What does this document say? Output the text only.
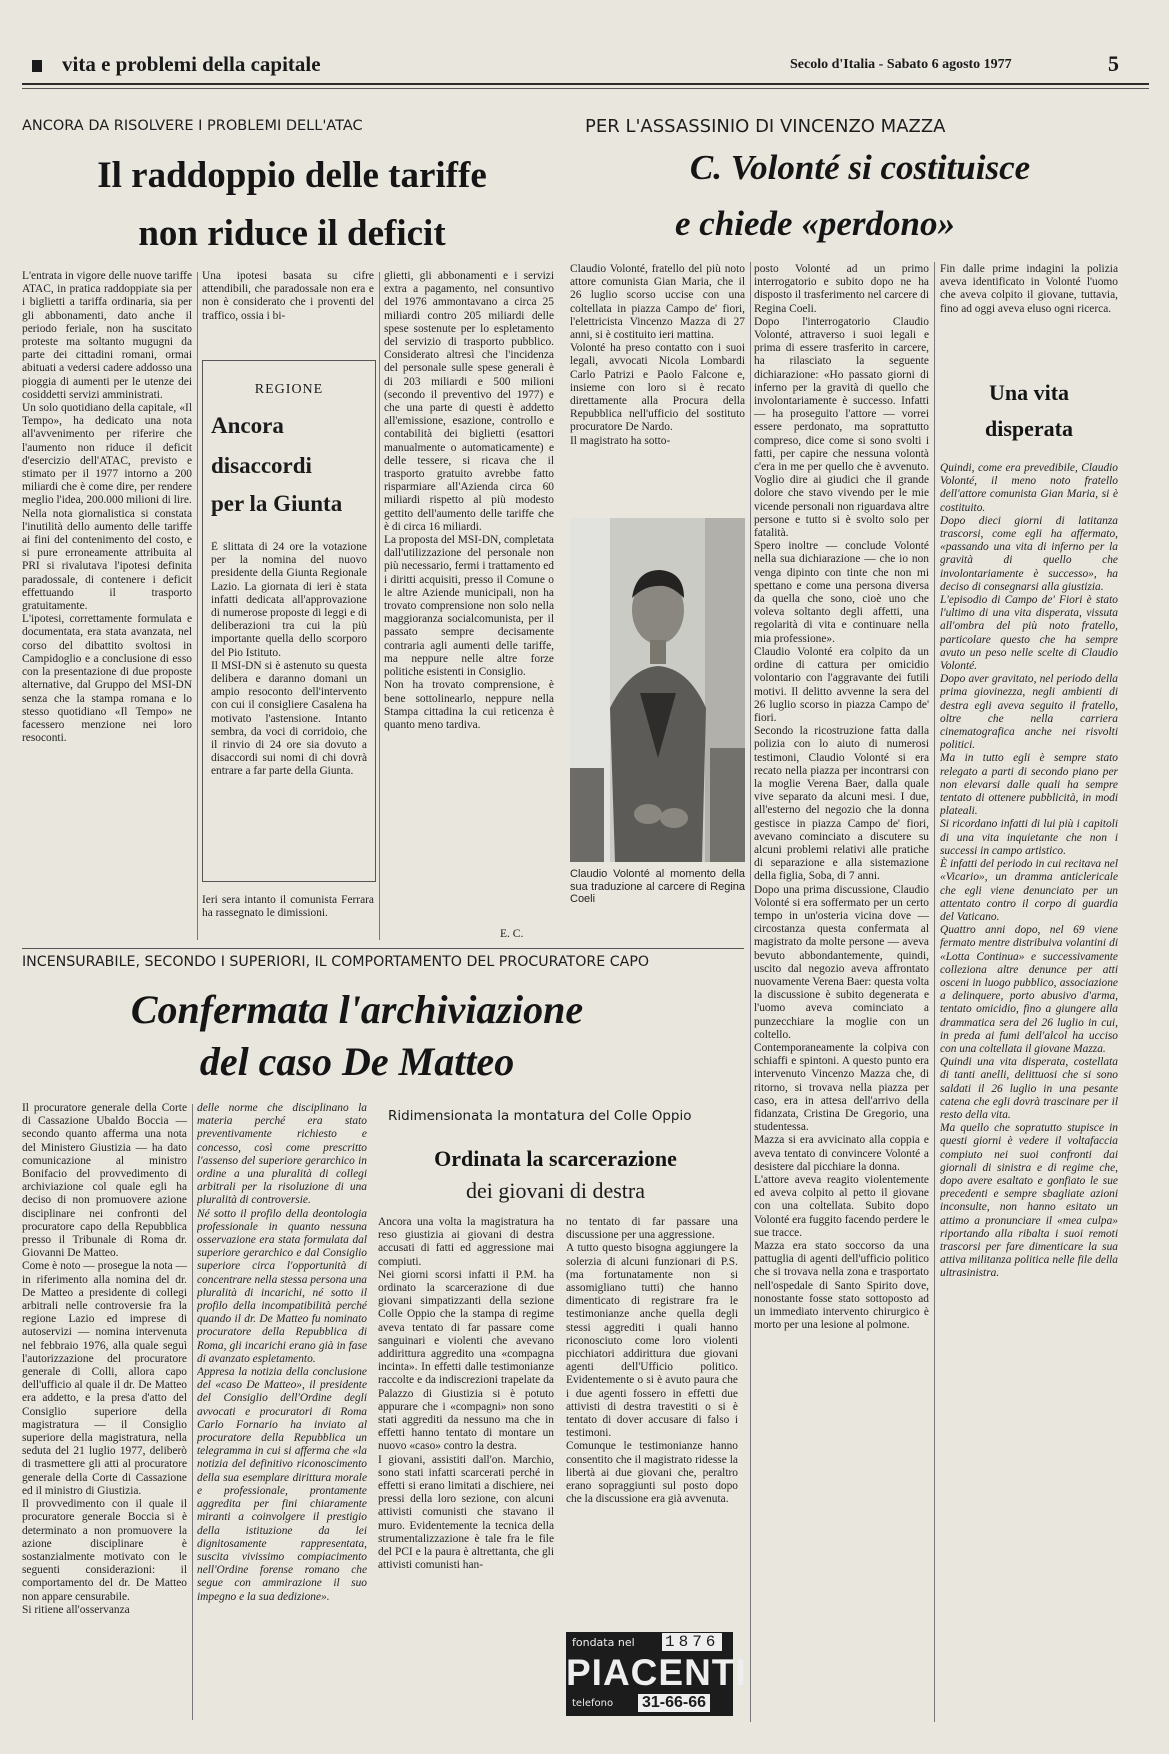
vita e problemi della capitale	Secolo d'Italia - Sabato 6 agosto 1977	5
ANCORA DA RISOLVERE I PROBLEMI DELL'ATAC
Il raddoppio delle tariffe
non riduce il deficit
L'entrata in vigore delle nuove tariffe ATAC, in pratica raddoppiate sia per i biglietti a tariffa ordinaria, sia per gli abbonamenti, dato anche il periodo feriale, non ha suscitato proteste ma soltanto mugugni da parte dei cittadini romani, ormai abituati a vedersi cadere addosso una pioggia di aumenti per le utenze dei cosiddetti servizi amministrati.
Un solo quotidiano della capitale, «Il Tempo», ha dedicato una nota all'avvenimento per riferire che l'aumento non riduce il deficit d'esercizio dell'ATAC, previsto e stimato per il 1977 intorno a 200 miliardi che è come dire, per rendere meglio l'idea, 200.000 milioni di lire.
Nella nota giornalistica si constata l'inutilità dello aumento delle tariffe ai fini del contenimento del costo, e si pure erroneamente attribuita al PRI si rivalutava l'ipotesi definita paradossale, di contenere i deficit effettuando il trasporto gratuitamente.
L'ipotesi, correttamente formulata e documentata, era stata avanzata, nel corso del dibattito svoltosi in Campidoglio e a conclusione di esso con la presentazione di due proposte alternative, dal Gruppo del MSI-DN senza che la stampa romana e lo stesso quotidiano «Il Tempo» ne facessero menzione nei loro resoconti.
Una ipotesi basata su cifre attendibili, che paradossale non era e non è considerato che i proventi del traffico, ossia i bi-
REGIONE
Ancora
disaccordi
per la Giunta
È slittata di 24 ore la votazione per la nomina del nuovo presidente della Giunta Regionale Lazio. La giornata di ieri è stata infatti dedicata all'approvazione di numerose proposte di leggi e di deliberazioni tra cui la più importante quella dello scorporo del Pio Istituto.
Il MSI-DN si è astenuto su questa delibera e daranno domani un ampio resoconto dell'intervento con cui il consigliere Casalena ha motivato l'astensione. Intanto sembra, da voci di corridoio, che il rinvio di 24 ore sia dovuto a disaccordi sui nomi di chi dovrà entrare a far parte della Giunta.
Ieri sera intanto il comunista Ferrara ha rassegnato le dimissioni.
glietti, gli abbonamenti e i servizi extra a pagamento, nel consuntivo del 1976 ammontavano a circa 25 miliardi contro 205 miliardi delle spese sostenute per lo espletamento del servizio di trasporto pubblico. Considerato altresì che l'incidenza del personale sulle spese generali è di 203 miliardi e 500 milioni (secondo il preventivo del 1977) e che una parte di questi è addetto all'emissione, esazione, controllo e contabilità dei biglietti (esattori manualmente o automaticamente) e delle tessere, si ricava che il trasporto gratuito avrebbe fatto risparmiare all'Azienda circa 60 miliardi rispetto al più modesto gettito dell'aumento delle tariffe che è di circa 16 miliardi.
La proposta del MSI-DN, completata dall'utilizzazione del personale non più necessario, fermi i trattamento ed i diritti acquisiti, presso il Comune o le altre Aziende municipali, non ha trovato comprensione non solo nella maggioranza socialcomunista, per il passato sempre decisamente contraria agli aumenti delle tariffe, ma neppure nelle altre forze politiche esistenti in Consiglio.
Non ha trovato comprensione, è bene sottolinearlo, neppure nella Stampa cittadina la cui reticenza è quanto meno tardiva.
E. C.
PER L'ASSASSINIO DI VINCENZO MAZZA
C. Volonté si costituisce
e chiede «perdono»
Claudio Volonté, fratello del più noto attore comunista Gian Maria, che il 26 luglio scorso uccise con una coltellata in piazza Campo de' fiori, l'elettricista Vincenzo Mazza di 27 anni, si è costituito ieri mattina.
Volonté ha preso contatto con i suoi legali, avvocati Nicola Lombardi Carlo Patrizi e Paolo Falcone e, insieme con loro si è recato direttamente alla Procura della Repubblica nell'ufficio del sostituto procuratore De Nardo.
Il magistrato ha sotto-
Claudio Volonté al momento della sua traduzione al carcere di Regina Coeli
posto Volonté ad un primo interrogatorio e subito dopo ne ha disposto il trasferimento nel carcere di Regina Coeli.
Dopo l'interrogatorio Claudio Volonté, attraverso i suoi legali e prima di essere trasferito in carcere, ha rilasciato la seguente dichiarazione: «Ho passato giorni di inferno per la gravità di quello che involontariamente è successo. Infatti — ha proseguito l'attore — vorrei essere perdonato, ma soprattutto compreso, dice come si sono svolti i fatti, per capire che nessuna volontà c'era in me per quello che è avvenuto. Voglio dire ai giudici che il grande dolore che stavo vivendo per le mie vicende personali non riguardava altre persone e tutto si è svolto solo per fatalità.
Spero inoltre — conclude Volonté nella sua dichiarazione — che io non venga dipinto con tinte che non mi spettano e come una persona diversa da quella che sono, cioè uno che voleva soltanto degli affetti, una regolarità di vita e continuare nella mia professione».
Claudio Volonté era colpito da un ordine di cattura per omicidio volontario con l'aggravante dei futili motivi. Il delitto avvenne la sera del 26 luglio scorso in piazza Campo de' fiori.
Secondo la ricostruzione fatta dalla polizia con lo aiuto di numerosi testimoni, Claudio Volonté si era recato nella piazza per incontrarsi con la moglie Verena Baer, dalla quale vive separato da alcuni mesi. I due, all'esterno del negozio che la donna gestisce in piazza Campo de' fiori, avevano cominciato a discutere su alcuni problemi relativi alle pratiche di separazione e alla sistemazione della figlia, Soba, di 7 anni.
Dopo una prima discussione, Claudio Volonté si era soffermato per un certo tempo in un'osteria vicina dove — circostanza questa confermata al magistrato da molte persone — aveva bevuto abbondantemente, quindi, uscito dal negozio aveva affrontato nuovamente Verena Baer: questa volta la discussione è subito degenerata e l'uomo aveva cominciato a punzecchiare la moglie con un coltello.
Contemporaneamente la colpiva con schiaffi e spintoni. A questo punto era intervenuto Vincenzo Mazza che, di ritorno, si trovava nella piazza per caso, era in attesa dell'arrivo della fidanzata, Cristina De Gregorio, una studentessa.
Mazza si era avvicinato alla coppia e aveva tentato di convincere Volonté a desistere dal picchiare la donna.
L'attore aveva reagito violentemente ed aveva colpito al petto il giovane con una coltellata. Subito dopo Volonté era fuggito facendo perdere le sue tracce.
Mazza era stato soccorso da una pattuglia di agenti dell'ufficio politico che si trovava nella zona e trasportato nell'ospedale di Santo Spirito dove, nonostante fosse stato sottoposto ad un immediato intervento chirurgico è morto per una lesione al polmone.
Fin dalle prime indagini la polizia aveva identificato in Volonté l'uomo che aveva colpito il giovane, tuttavia, fino ad oggi aveva eluso ogni ricerca.
Una vita
disperata
Quindi, come era prevedibile, Claudio Volonté, il meno noto fratello dell'attore comunista Gian Maria, si è costituito.
Dopo dieci giorni di latitanza trascorsi, come egli ha affermato, «passando una vita di inferno per la gravità di quello che involontariamente è successo», ha deciso di consegnarsi alla giustizia.
L'episodio di Campo de' Fiori è stato l'ultimo di una vita disperata, vissuta all'ombra del più noto fratello, particolare questo che ha sempre avuto un peso nelle scelte di Claudio Volonté.
Dopo aver gravitato, nel periodo della prima giovinezza, negli ambienti di destra egli aveva seguito il fratello, oltre che nella carriera cinematografica anche nei risvolti politici.
Ma in tutto egli è sempre stato relegato a parti di secondo piano per non elevarsi dalle quali ha sempre tentato di ottenere pubblicità, in modi plateali.
Si ricordano infatti di lui più i capitoli di una vita inquietante che non i successi in campo artistico.
È infatti del periodo in cui recitava nel «Vicario», un dramma anticlericale che egli viene denunciato per un attentato contro il corpo di guardia del Vaticano.
Quattro anni dopo, nel 69 viene fermato mentre distribuiva volantini di «Lotta Continua» e successivamente colleziona altre denunce per atti osceni in luogo pubblico, associazione a delinquere, porto abusivo d'arma, tentato omicidio, fino a giungere alla drammatica sera del 26 luglio in cui, in preda ai fumi dell'alcol ha ucciso con una coltellata il giovane Mazza.
Quindi una vita disperata, costellata di tanti anelli, delittuosi che si sono saldati il 26 luglio in una pesante catena che egli dovrà trascinare per il resto della vita.
Ma quello che sopratutto stupisce in questi giorni è vedere il voltafaccia compiuto nei suoi confronti dai giornali di sinistra e di regime che, dopo avere esaltato e gonfiato le sue precedenti e sempre sbagliate azioni inconsulte, non hanno esitato un attimo a pronunciare il «mea culpa» riportando alla ribalta i suoi remoti trascorsi per fare dimenticare la sua attiva militanza politica nelle file della ultrasinistra.
INCENSURABILE, SECONDO I SUPERIORI, IL COMPORTAMENTO DEL PROCURATORE CAPO
Confermata l'archiviazione
del caso De Matteo
Il procuratore generale della Corte di Cassazione Ubaldo Boccia — secondo quanto afferma una nota del Ministero Giustizia — ha dato comunicazione al ministro Bonifacio del provvedimento di archiviazione col quale egli ha deciso di non promuovere azione disciplinare nei confronti del procuratore capo della Repubblica presso il Tribunale di Roma dr. Giovanni De Matteo.
Come è noto — prosegue la nota — in riferimento alla nomina del dr. De Matteo a presidente di collegi arbitrali nelle controversie fra la regione Lazio ed imprese di autoservizi — nomina intervenuta nel febbraio 1976, alla quale seguì l'autorizzazione del procuratore generale di Colli, allora capo dell'ufficio al quale il dr. De Matteo era addetto, e la presa d'atto del Consiglio superiore della magistratura — il Consiglio superiore della magistratura, nella seduta del 21 luglio 1977, deliberò di trasmettere gli atti al procuratore generale della Corte di Cassazione ed il ministro di Giustizia.
Il provvedimento con il quale il procuratore generale Boccia si è determinato a non promuovere la azione disciplinare è sostanzialmente motivato con le seguenti considerazioni: il comportamento del dr. De Matteo non appare censurabile.
Si ritiene all'osservanza
delle norme che disciplinano la materia perché era stato preventivamente richiesto e concesso, così come prescritto l'assenso del superiore gerarchico in ordine a una pluralità di collegi arbitrali per la risoluzione di una pluralità di controversie.
Né sotto il profilo della deontologia professionale in quanto nessuna osservazione era stata formulata dal superiore gerarchico e dal Consiglio superiore circa l'opportunità di concentrare nella stessa persona una pluralità di incarichi, né sotto il profilo della incompatibilità perché quando il dr. De Matteo fu nominato procuratore della Repubblica di Roma, gli incarichi erano già in fase di avanzato espletamento.
Appresa la notizia della conclusione del «caso De Matteo», il presidente del Consiglio dell'Ordine degli avvocati e procuratori di Roma Carlo Fornario ha inviato al procuratore della Repubblica un telegramma in cui si afferma che «la notizia del definitivo riconoscimento della sua esemplare dirittura morale e professionale, prontamente aggredita per fini chiaramente miranti a coinvolgere il prestigio della istituzione da lei dignitosamente rappresentata, suscita vivissimo compiacimento nell'Ordine forense romano che segue con ammirazione il suo impegno e la sua dedizione».
Ridimensionata la montatura del Colle Oppio
Ordinata la scarcerazione
dei giovani di destra
Ancora una volta la magistratura ha reso giustizia ai giovani di destra accusati di fatti ed aggressione mai compiuti.
Nei giorni scorsi infatti il P.M. ha ordinato la scarcerazione di due giovani simpatizzanti della sezione Colle Oppio che la stampa di regime aveva tentato di far passare come sanguinari e violenti che avevano addirittura aggredito una «compagna incinta». In effetti dalle testimonianze raccolte e da indiscrezioni trapelate da Palazzo di Giustizia si è potuto appurare che i «compagni» non sono stati aggrediti da nessuno ma che in effetti hanno tentato di montare un nuovo «caso» contro la destra.
I giovani, assistiti dall'on. Marchio, sono stati infatti scarcerati perché in effetti si erano limitati a dischiere, nei pressi della loro sezione, con alcuni attivisti comunisti che stavano il muro. Evidentemente la tecnica della strumentalizzazione è tale fra le file del PCI e la paura è altrettanta, che gli attivisti comunisti han-
no tentato di far passare una discussione per una aggressione.
A tutto questo bisogna aggiungere la solerzia di alcuni funzionari di P.S. (ma fortunatamente non si assomigliano tutti) che hanno dimenticato di registrare fra le testimonianze anche quella degli stessi aggrediti i quali hanno riconosciuto come loro violenti picchiatori addirittura due giovani agenti dell'Ufficio politico. Evidentemente o si è avuto paura che i due agenti fossero in effetti due attivisti di destra travestiti o si è tentato di dover accusare di falso i testimoni.
Comunque le testimonianze hanno consentito che il magistrato ridesse la libertà ai due giovani che, peraltro erano sopraggiunti sul posto dopo che la discussione era già avvenuta.
fondata nel 1876
PIACENTI
telefono 31-66-66
